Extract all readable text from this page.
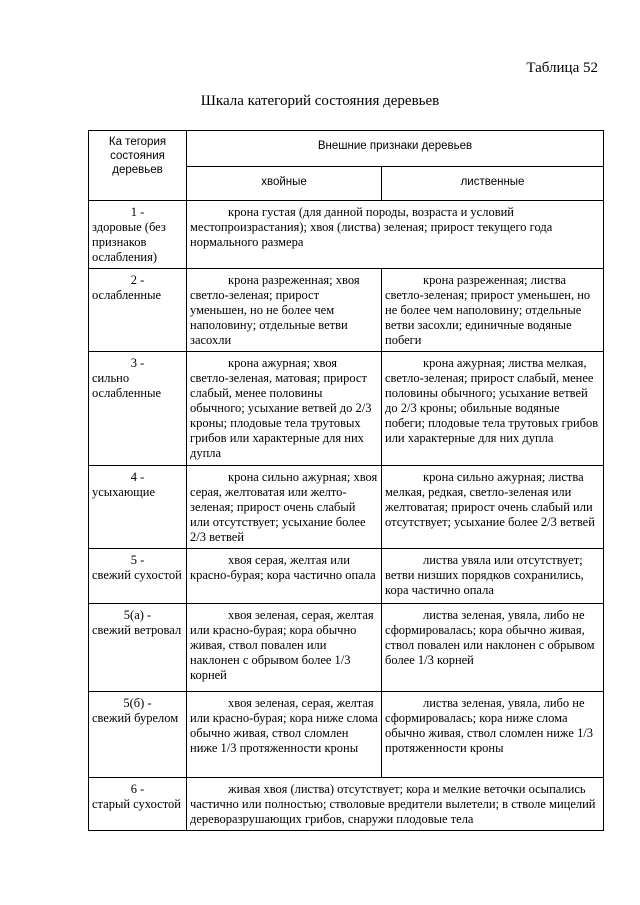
Таблица 52
Шкала категорий состояния деревьев
Ка тегория состояния деревьев	Внешние признаки деревьев	
	хвойные	лиственные

1 -
здоровые (без признаков ослабления)	крона густая (для данной породы, возраста и условий местопроизрастания); хвоя (листва) зеленая; прирост текущего года нормального размера	

2 -
ослабленные	крона разреженная; хвоя светло-зеленая; прирост уменьшен, но не более чем наполовину; отдельные ветви засохли	крона разреженная; листва светло-зеленая; прирост уменьшен, но не более чем наполовину; отдельные ветви засохли; единичные водяные побеги

3 -
сильно ослабленные	крона ажурная; хвоя светло-зеленая, матовая; прирост слабый, менее половины обычного; усыхание ветвей до 2/3 кроны; плодовые тела трутовых грибов или характерные для них дупла	крона ажурная; листва мелкая, светло-зеленая; прирост слабый, менее половины обычного; усыхание ветвей до 2/3 кроны; обильные водяные побеги; плодовые тела трутовых грибов или характерные для них дупла

4 -
усыхающие	крона сильно ажурная; хвоя серая, желтоватая или желто-зеленая; прирост очень слабый или отсутствует; усыхание более 2/3 ветвей	крона сильно ажурная; листва мелкая, редкая, светло-зеленая или желтоватая; прирост очень слабый или отсутствует; усыхание более 2/3 ветвей

5 -
свежий сухостой	хвоя серая, желтая или красно-бурая; кора частично опала	листва увяла или отсутствует; ветви низших порядков сохранились, кора частично опала

5(а) -
свежий ветровал	хвоя зеленая, серая, желтая или красно-бурая; кора обычно живая, ствол повален или наклонен с обрывом более 1/3 корней	листва зеленая, увяла, либо не сформировалась; кора обычно живая, ствол повален или наклонен с обрывом более 1/3 корней

5(б) -
свежий бурелом	хвоя зеленая, серая, желтая или красно-бурая; кора ниже слома обычно живая, ствол сломлен ниже 1/3 протяженности кроны	листва зеленая, увяла, либо не сформировалась; кора ниже слома обычно живая, ствол сломлен ниже 1/3 протяженности кроны

6 -
старый сухостой	живая хвоя (листва) отсутствует; кора и мелкие веточки осыпались частично или полностью; стволовые вредители вылетели; в стволе мицелий дереворазрушающих грибов, снаружи плодовые тела	
